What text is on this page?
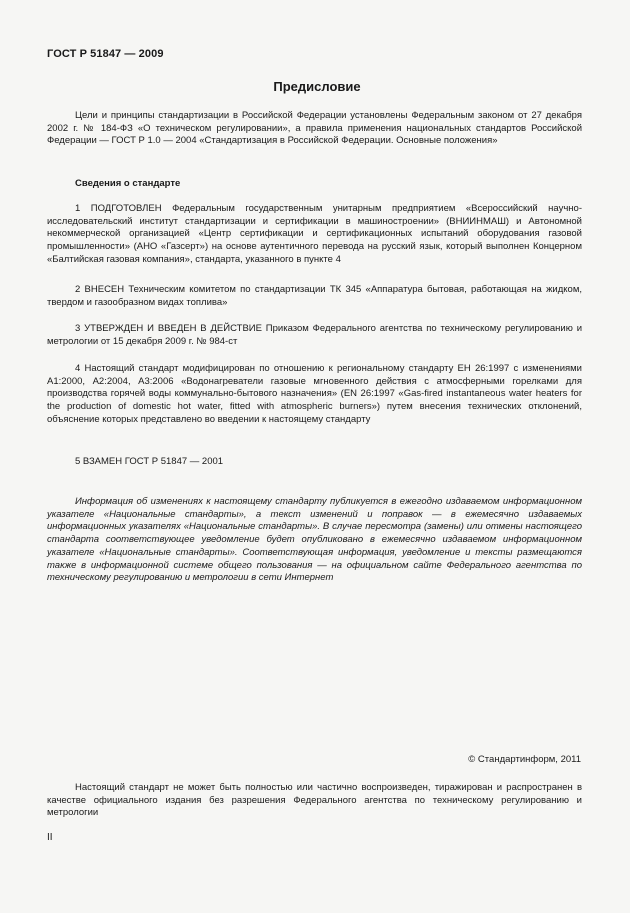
ГОСТ Р 51847 — 2009
Предисловие
Цели и принципы стандартизации в Российской Федерации установлены Федеральным законом от 27 декабря 2002 г. № 184-ФЗ «О техническом регулировании», а правила применения национальных стандартов Российской Федерации — ГОСТ Р 1.0 — 2004 «Стандартизация в Российской Федерации. Основные положения»
Сведения о стандарте
1 ПОДГОТОВЛЕН Федеральным государственным унитарным предприятием «Всероссийский научно-исследовательский институт стандартизации и сертификации в машиностроении» (ВНИИНМАШ) и Автономной некоммерческой организацией «Центр сертификации и сертификационных испытаний оборудования газовой промышленности» (АНО «Газсерт») на основе аутентичного перевода на русский язык, который выполнен Концерном «Балтийская газовая компания», стандарта, указанного в пункте 4
2 ВНЕСЕН Техническим комитетом по стандартизации ТК 345 «Аппаратура бытовая, работающая на жидком, твердом и газообразном видах топлива»
3 УТВЕРЖДЕН И ВВЕДЕН В ДЕЙСТВИЕ Приказом Федерального агентства по техническому регулированию и метрологии от 15 декабря 2009 г. № 984-ст
4 Настоящий стандарт модифицирован по отношению к региональному стандарту ЕН 26:1997 с изменениями А1:2000, А2:2004, А3:2006 «Водонагреватели газовые мгновенного действия с атмосферными горелками для производства горячей воды коммунально-бытового назначения» (EN 26:1997 «Gas-fired instantaneous water heaters for the production of domestic hot water, fitted with atmospheric burners») путем внесения технических отклонений, объяснение которых представлено во введении к настоящему стандарту
5 ВЗАМЕН ГОСТ Р 51847 — 2001
Информация об изменениях к настоящему стандарту публикуется в ежегодно издаваемом информационном указателе «Национальные стандарты», а текст изменений и поправок — в ежемесячно издаваемых информационных указателях «Национальные стандарты». В случае пересмотра (замены) или отмены настоящего стандарта соответствующее уведомление будет опубликовано в ежемесячно издаваемом информационном указателе «Национальные стандарты». Соответствующая информация, уведомление и тексты размещаются также в информационной системе общего пользования — на официальном сайте Федерального агентства по техническому регулированию и метрологии в сети Интернет
© Стандартинформ, 2011
Настоящий стандарт не может быть полностью или частично воспроизведен, тиражирован и распространен в качестве официального издания без разрешения Федерального агентства по техническому регулированию и метрологии
II
